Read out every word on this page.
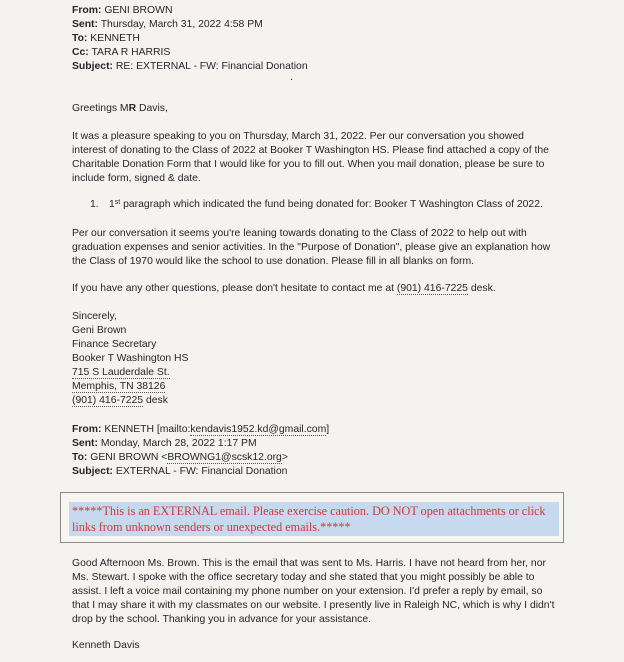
From: GENI BROWN
Sent: Thursday, March 31, 2022 4:58 PM
To: KENNETH
Cc: TARA R HARRIS
Subject: RE: EXTERNAL - FW: Financial Donation

Greetings MR Davis,

It was a pleasure speaking to you on Thursday, March 31, 2022. Per our conversation you showed interest of donating to the Class of 2022 at Booker T Washington HS. Please find attached a copy of the Charitable Donation Form that I would like for you to fill out. When you mail donation, please be sure to include form, signed & date.

1. 1st paragraph which indicated the fund being donated for: Booker T Washington Class of 2022.

Per our conversation it seems you're leaning towards donating to the Class of 2022 to help out with graduation expenses and senior activities. In the "Purpose of Donation", please give an explanation how the Class of 1970 would like the school to use donation. Please fill in all blanks on form.

If you have any other questions, please don't hesitate to contact me at (901) 416-7225 desk.

Sincerely,
Geni Brown
Finance Secretary
Booker T Washington HS
715 S Lauderdale St.
Memphis, TN 38126
(901) 416-7225 desk
From: KENNETH [mailto:kendavis1952.kd@gmail.com]
Sent: Monday, March 28, 2022 1:17 PM
To: GENI BROWN <BROWNG1@scsk12.org>
Subject: EXTERNAL - FW: Financial Donation
*****This is an EXTERNAL email. Please exercise caution. DO NOT open attachments or click links from unknown senders or unexpected emails.*****

Good Afternoon Ms. Brown. This is the email that was sent to Ms. Harris. I have not heard from her, nor Ms. Stewart. I spoke with the office secretary today and she stated that you might possibly be able to assist. I left a voice mail containing my phone number on your extension. I'd prefer a reply by email, so that I may share it with my classmates on our website. I presently live in Raleigh NC, which is why I didn't drop by the school. Thanking you in advance for your assistance.

Kenneth Davis

.
